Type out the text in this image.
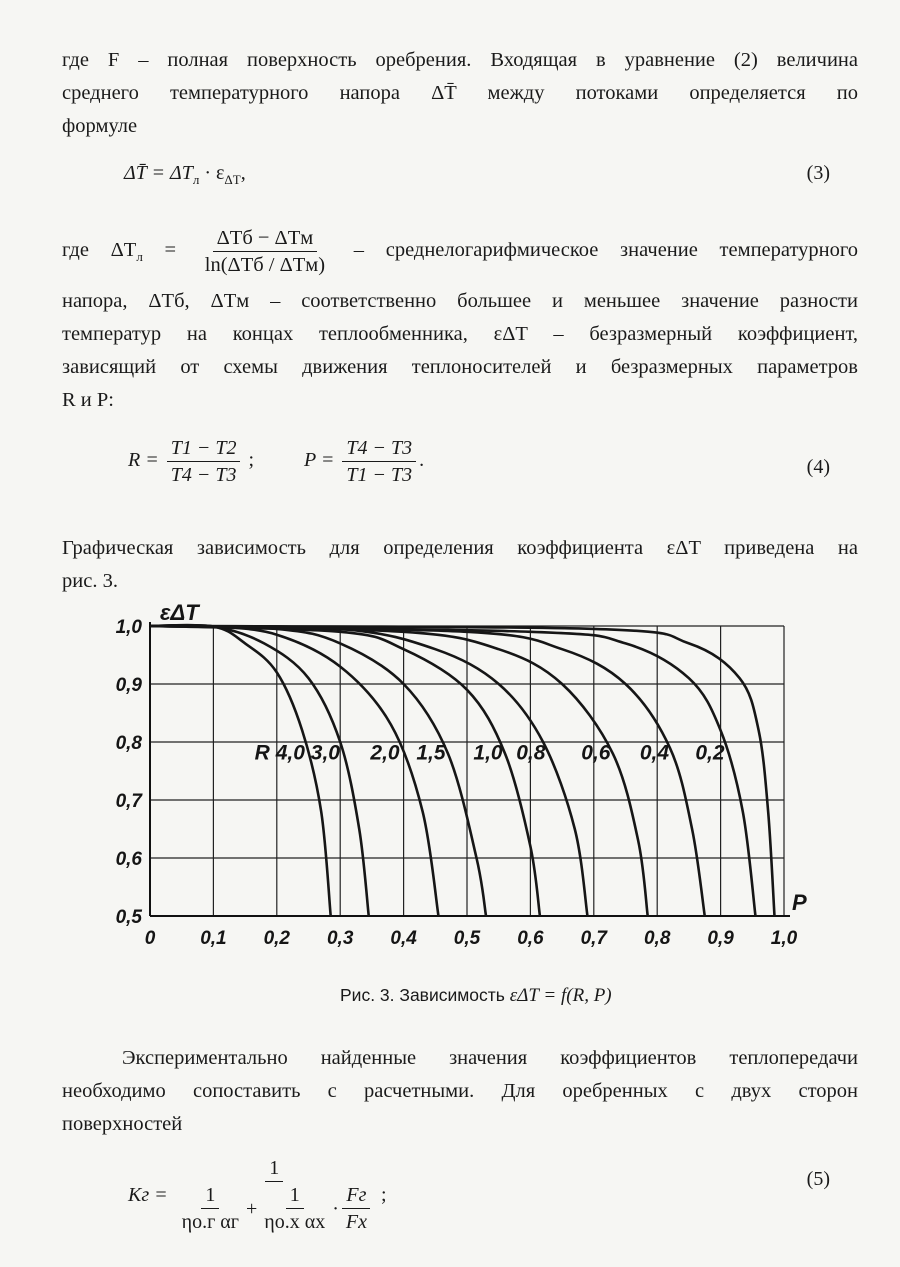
где F – полная поверхность оребрения. Входящая в уравнение (2) величина
среднего температурного напора ΔT̄ между потоками определяется по
формуле
ΔT̄ = $\Delta T_л \cdot \varepsilon_{\Delta T}$,	(3)
где $\Delta T_л = \frac{\text{ΔTб − ΔTм}}{\text{ln(ΔTб / ΔTм)}}$ – среднелогарифмическое значение температурного
напора, ΔTб, ΔTм – соответственно большее и меньшее значение разности
температур на концах теплообменника, εΔT – безразмерный коэффициент,
зависящий от схемы движения теплоносителей и безразмерных параметров
R и P:
$R = \frac{T1 - T2}{T4 - T3}$ ;	$P = \frac{T4 - T3}{T1 - T3}$ .	(4)
Графическая зависимость для определения коэффициента εΔT приведена на
рис. 3.
0 0,1 0,2 0,3 0,4 0,5 0,6 0,7 0,8 0,9 1,0
0,5
0,6
0,7
0,8
0,9
1,0
εΔT
P
R 4,0 3,0 2,0 1,5 1,0 0,8 0,6 0,4 0,2
Рис. 3. Зависимость εΔT = f(R, P)
Экспериментально найденные значения коэффициентов теплопередачи
необходимо сопоставить с расчетными. Для оребренных с двух сторон
поверхностей
Kг = $\frac{1}{\frac{1}{\text{ηо.г αг}} + \frac{1}{\text{ηо.х αх}} \cdot \frac{Fг}{Fх}}$ ;
(5)
